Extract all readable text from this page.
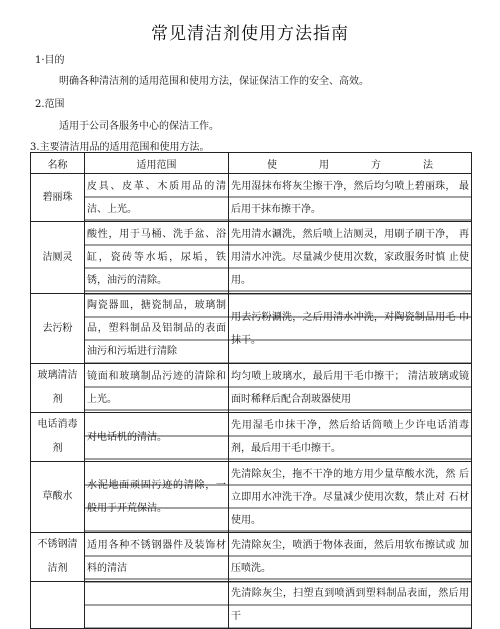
常见清洁剂使用方法指南
1·目的
明确各种清洁剂的适用范围和使用方法，保证保洁工作的安全、高效。
2.范围
适用于公司各服务中心的保洁工作。
3.主要清洁用品的适用范围和使用方法。
名称	适用范围	使 用 方 法
碧丽珠	皮具、皮革、木质用品的清洁、上光。	先用湿抹布将灰尘擦干净，然后均匀喷上碧丽珠， 最后用干抹布擦干净。
洁厕灵	酸性，用于马桶、洗手盆、浴缸，瓷砖等水垢，尿垢，铁锈，油污的清除。	先用清水涮洗，然后喷上洁厕灵，用刷子刷干净， 再用清水冲洗。尽量减少使用次数，家政服务时慎 止使用。
去污粉	陶瓷器皿，搪瓷制品，玻璃制品，塑料制品及铝制品的表面油污和污垢进行清除	用去污粉涮洗，之后用清水冲洗，对陶瓷制品用毛 巾抹干。
玻璃清洁剂	镜面和玻璃制品污迹的清除和上光。	均匀喷上玻璃水，最后用干毛巾擦干； 清洁玻璃或镜面时稀释后配合刮玻器使用
电话消毒剂	对电话机的清洁。	先用湿毛巾抹干净，然后给话筒喷上少许电话消毒剂，最后用干毛巾擦干。
草酸水	水泥地面顽固污迹的清除，一般用于开荒保洁。	先清除灰尘，拖不干净的地方用少量草酸水洗，然 后立即用水冲洗干净。尽量减少使用次数，禁止对 石材使用。
不锈钢清洁剂	适用各种不锈钢器件及装饰材料的清洁	先清除灰尘，喷洒于物体表面，然后用软布擦试或 加压喷洗。
		先清除灰尘，扫塑直到喷洒到塑料制品表面，然后用 干
